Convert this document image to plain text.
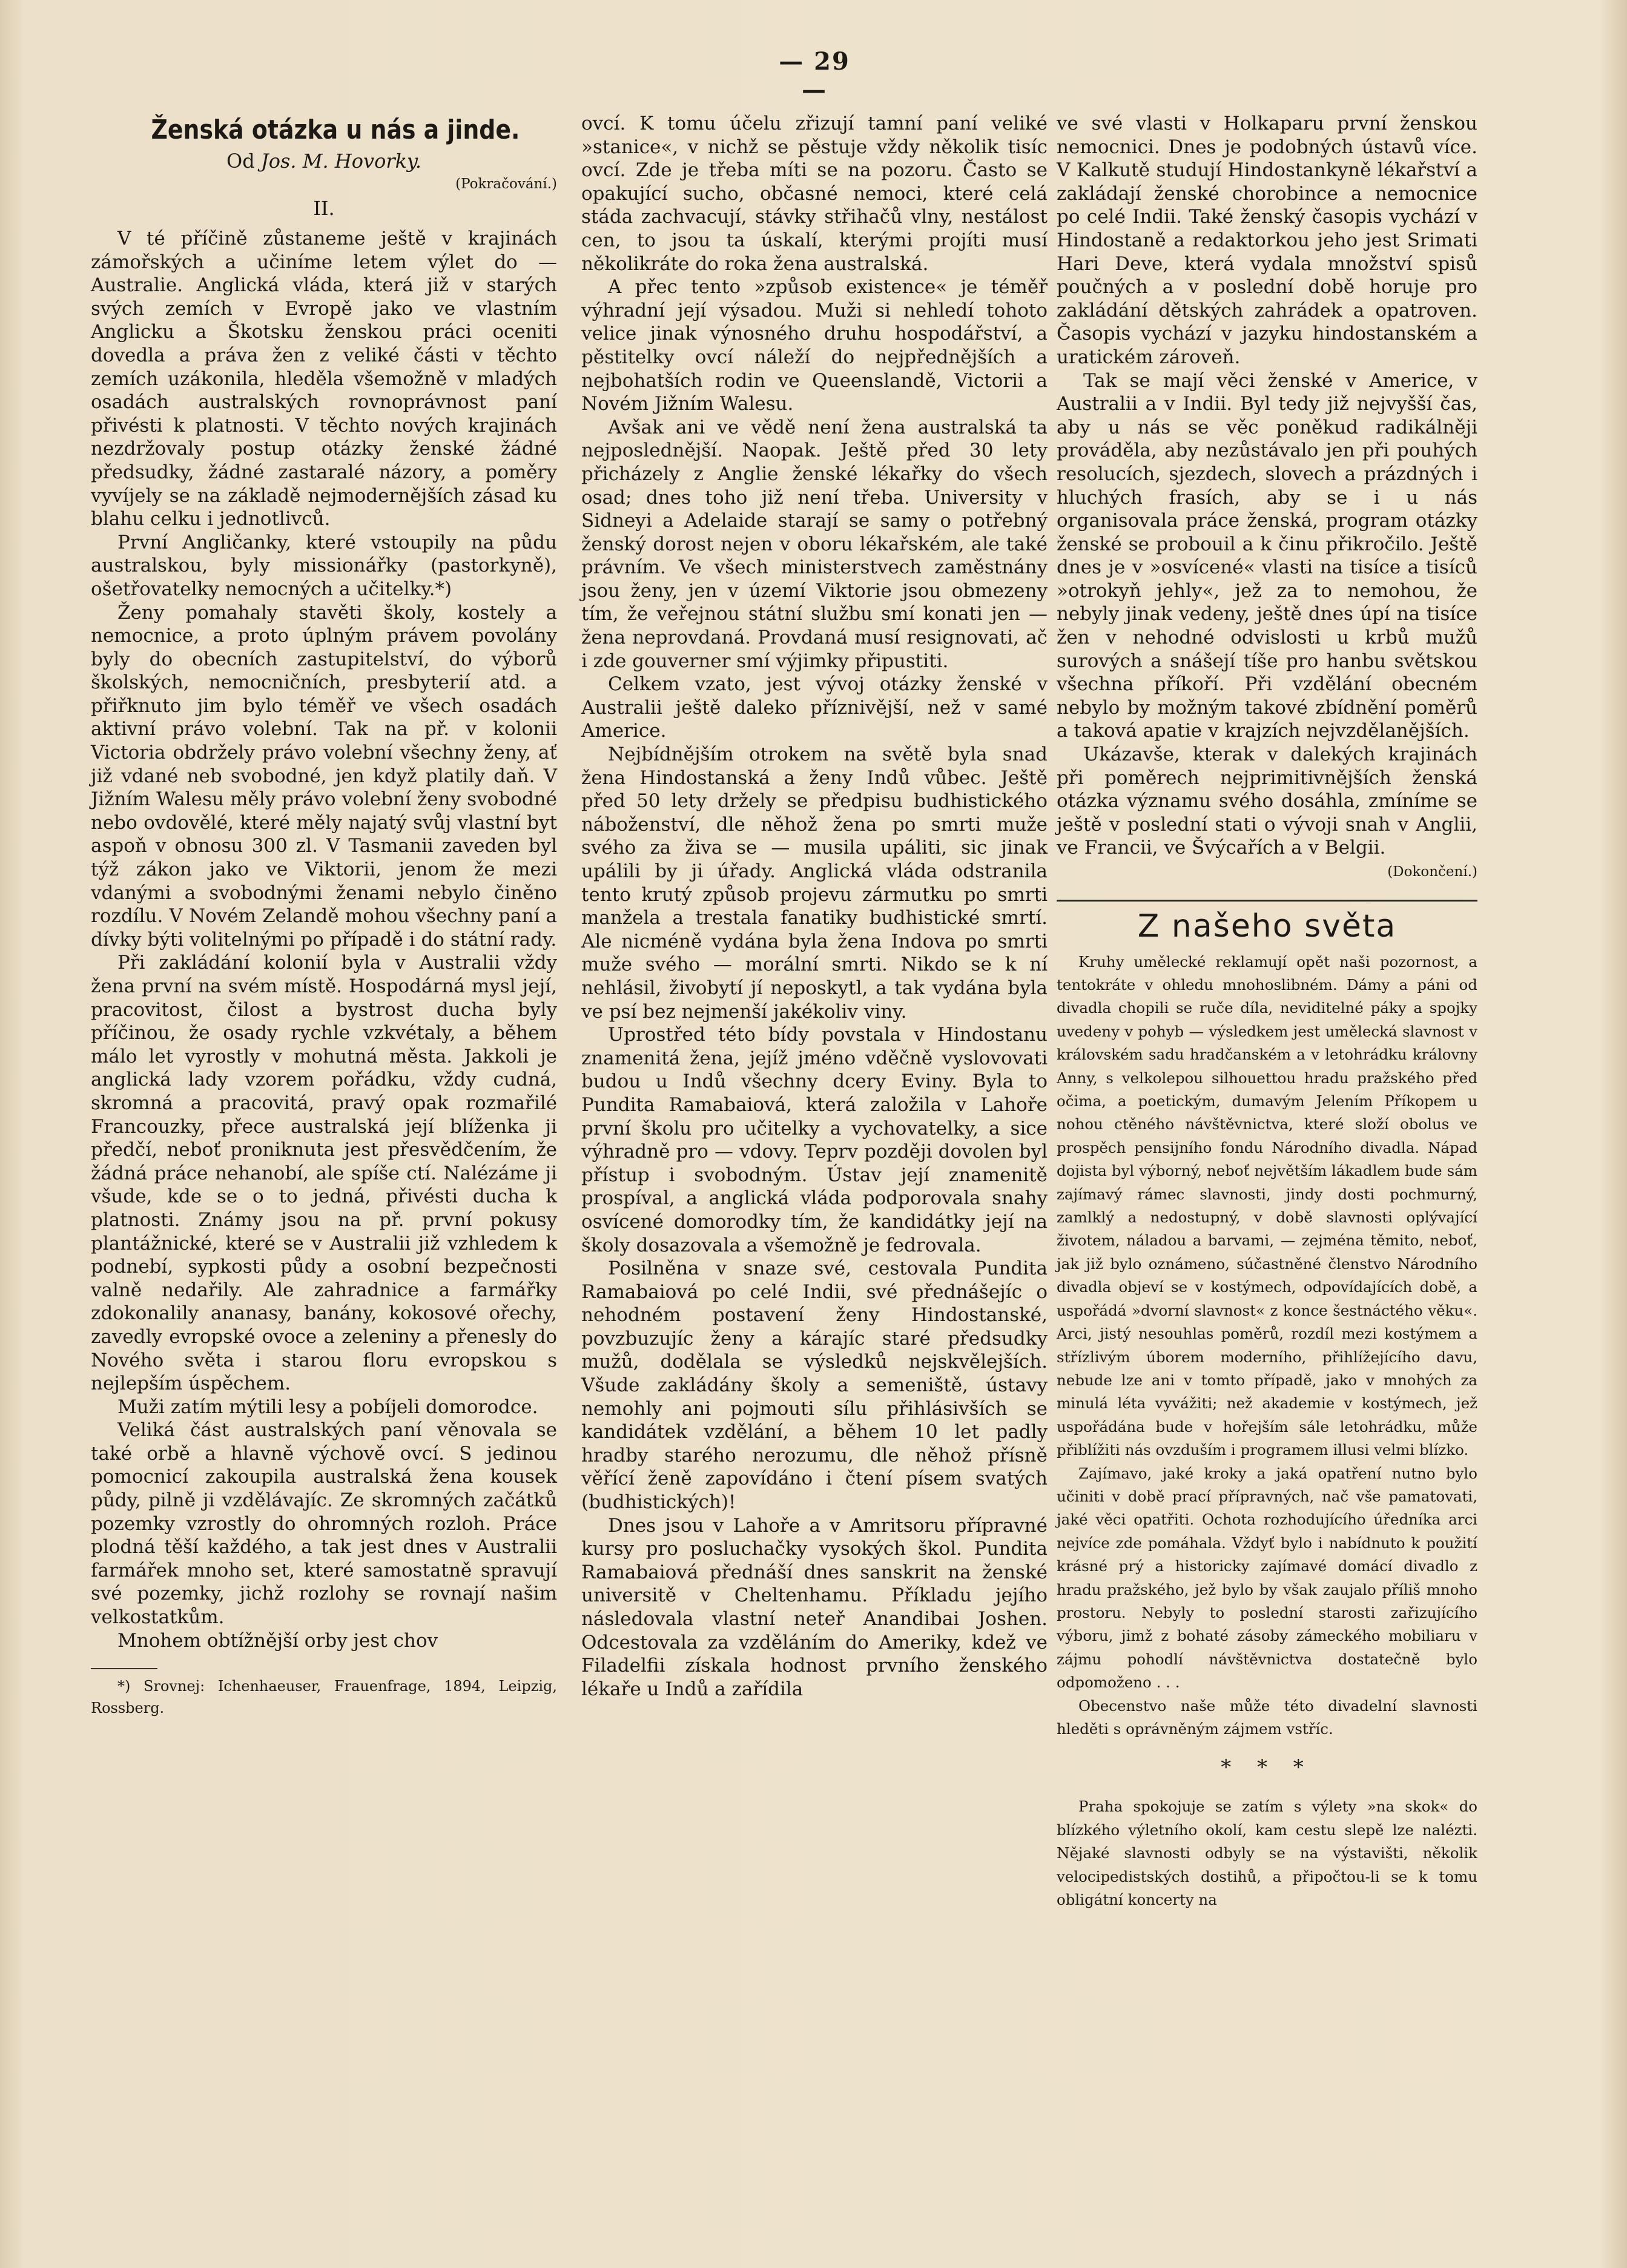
— 29 —

Ženská otázka u nás a jinde.

Od Jos. M. Hovorky.
(Pokračování.)
II.

V té příčině zůstaneme ještě v krajinách zámořských a učiníme letem výlet do — Australie. Anglická vláda, která již v starých svých zemích v Evropě jako ve vlastním Anglicku a Škotsku ženskou práci oceniti dovedla a práva žen z veliké části v těchto zemích uzákonila, hleděla všemožně v mladých osadách australských rovnoprávnost paní přivésti k platnosti. V těchto nových krajinách nezdržovaly postup otázky ženské žádné předsudky, žádné zastaralé názory, a poměry vyvíjely se na základě nejmodernějších zásad ku blahu celku i jednotlivců.

První Angličanky, které vstoupily na půdu australskou, byly missionářky (pastorkyně), ošetřovatelky nemocných a učitelky.*)

Ženy pomahaly stavěti školy, kostely a nemocnice, a proto úplným právem povolány byly do obecních zastupitelství, do výborů školských, nemocničních, presbyterií atd. a přiřknuto jim bylo téměř ve všech osadách aktivní právo volební. Tak na př. v kolonii Victoria obdržely právo volební všechny ženy, ať již vdané neb svobodné, jen když platily daň. V Jižním Walesu měly právo volební ženy svobodné nebo ovdovělé, které měly najatý svůj vlastní byt aspoň v obnosu 300 zl. V Tasmanii zaveden byl týž zákon jako ve Viktorii, jenom že mezi vdanými a svobodnými ženami nebylo činěno rozdílu. V Novém Zelandě mohou všechny paní a dívky býti volitelnými po případě i do státní rady.

Při zakládání kolonií byla v Australii vždy žena první na svém místě. Hospodárná mysl její, pracovitost, čilost a bystrost ducha byly příčinou, že osady rychle vzkvétaly, a během málo let vyrostly v mohutná města. Jakkoli je anglická lady vzorem pořádku, vždy cudná, skromná a pracovitá, pravý opak rozmařilé Francouzky, přece australská její blíženka ji předčí, neboť proniknuta jest přesvědčením, že žádná práce nehanobí, ale spíše ctí. Nalézáme ji všude, kde se o to jedná, přivésti ducha k platnosti. Známy jsou na př. první pokusy plantážnické, které se v Australii již vzhledem k podnebí, sypkosti půdy a osobní bezpečnosti valně nedařily. Ale zahradnice a farmářky zdokonalily ananasy, banány, kokosové ořechy, zavedly evropské ovoce a zeleniny a přenesly do Nového světa i starou floru evropskou s nejlepším úspěchem.

Muži zatím mýtili lesy a pobíjeli domorodce.

Veliká část australských paní věnovala se také orbě a hlavně výchově ovcí. S jedinou pomocnicí zakoupila australská žena kousek půdy, pilně ji vzdělávajíc. Ze skromných začátků pozemky vzrostly do ohromných rozloh. Práce plodná těší každého, a tak jest dnes v Australii farmářek mnoho set, které samostatně spravují své pozemky, jichž rozlohy se rovnají našim velkostatkům.

Mnohem obtížnější orby jest chov

*) Srovnej: Ichenhaeuser, Frauenfrage, 1894, Leipzig, Rossberg.

ovcí. K tomu účelu zřizují tamní paní veliké »stanice«, v nichž se pěstuje vždy několik tisíc ovcí. Zde je třeba míti se na pozoru. Často se opakující sucho, občasné nemoci, které celá stáda zachvacují, stávky střihačů vlny, nestálost cen, to jsou ta úskalí, kterými projíti musí několikráte do roka žena australská.

A přec tento »způsob existence« je téměř výhradní její výsadou. Muži si nehledí tohoto velice jinak výnosného druhu hospodářství, a pěstitelky ovcí náleží do nejpřednějších a nejbohatších rodin ve Queenslandě, Victorii a Novém Jižním Walesu.

Avšak ani ve vědě není žena australská ta nejposlednější. Naopak. Ještě před 30 lety přicházely z Anglie ženské lékařky do všech osad; dnes toho již není třeba. University v Sidneyi a Adelaide starají se samy o potřebný ženský dorost nejen v oboru lékařském, ale také právním. Ve všech ministerstvech zaměstnány jsou ženy, jen v území Viktorie jsou obmezeny tím, že veřejnou státní službu smí konati jen — žena neprovdaná. Provdaná musí resignovati, ač i zde gouverner smí výjimky připustiti.

Celkem vzato, jest vývoj otázky ženské v Australii ještě daleko příznivější, než v samé Americe.

Nejbídnějším otrokem na světě byla snad žena Hindostanská a ženy Indů vůbec. Ještě před 50 lety držely se předpisu budhistického náboženství, dle něhož žena po smrti muže svého za živa se — musila upáliti, sic jinak upálili by ji úřady. Anglická vláda odstranila tento krutý způsob projevu zármutku po smrti manžela a trestala fanatiky budhistické smrtí. Ale nicméně vydána byla žena Indova po smrti muže svého — morální smrti. Nikdo se k ní nehlásil, živobytí jí neposkytl, a tak vydána byla ve psí bez nejmenší jakékoliv viny.

Uprostřed této bídy povstala v Hindostanu znamenitá žena, jejíž jméno vděčně vyslovovati budou u Indů všechny dcery Eviny. Byla to Pundita Ramabaiová, která založila v Lahoře první školu pro učitelky a vychovatelky, a sice výhradně pro — vdovy. Teprv později dovolen byl přístup i svobodným. Ústav její znamenitě prospíval, a anglická vláda podporovala snahy osvícené domorodky tím, že kandidátky její na školy dosazovala a všemožně je fedrovala.

Posilněna v snaze své, cestovala Pundita Ramabaiová po celé Indii, své přednášejíc o nehodném postavení ženy Hindostanské, povzbuzujíc ženy a kárajíc staré předsudky mužů, dodělala se výsledků nejskvělejších. Všude zakládány školy a semeniště, ústavy nemohly ani pojmouti sílu přihlásivších se kandidátek vzdělání, a během 10 let padly hradby starého nerozumu, dle něhož přísně věřící ženě zapovídáno i čtení písem svatých (budhistických)!

Dnes jsou v Lahoře a v Amritsoru přípravné kursy pro posluchačky vysokých škol. Pundita Ramabaiová přednáší dnes sanskrit na ženské universitě v Cheltenhamu. Příkladu jejího následovala vlastní neteř Anandibai Joshen. Odcestovala za vzděláním do Ameriky, kdež ve Filadelfii získala hodnost prvního ženského lékaře u Indů a zařídila

ve své vlasti v Holkaparu první ženskou nemocnici. Dnes je podobných ústavů více. V Kalkutě studují Hindostankyně lékařství a zakládají ženské chorobince a nemocnice po celé Indii. Také ženský časopis vychází v Hindostaně a redaktorkou jeho jest Srimati Hari Deve, která vydala množství spisů poučných a v poslední době horuje pro zakládání dětských zahrádek a opatroven. Časopis vychází v jazyku hindostanském a uratickém zároveň.

Tak se mají věci ženské v Americe, v Australii a v Indii. Byl tedy již nejvyšší čas, aby u nás se věc poněkud radikálněji prováděla, aby nezůstávalo jen při pouhých resolucích, sjezdech, slovech a prázdných i hluchých frasích, aby se i u nás organisovala práce ženská, program otázky ženské se probouil a k činu přikročilo. Ještě dnes je v »osvícené« vlasti na tisíce a tisíců »otrokyň jehly«, jež za to nemohou, že nebyly jinak vedeny, ještě dnes úpí na tisíce žen v nehodné odvislosti u krbů mužů surových a snášejí tíše pro hanbu světskou všechna příkoří. Při vzdělání obecném nebylo by možným takové zbídnění poměrů a taková apatie v krajzích nejvzdělanějších.

Ukázavše, kterak v dalekých krajinách při poměrech nejprimitivnějších ženská otázka významu svého dosáhla, zmíníme se ještě v poslední stati o vývoji snah v Anglii, ve Francii, ve Švýcařích a v Belgii.

(Dokončení.)
Z našeho světa

Kruhy umělecké reklamují opět naši pozornost, a tentokráte v ohledu mnohoslibném. Dámy a páni od divadla chopili se ruče díla, neviditelné páky a spojky uvedeny v pohyb — výsledkem jest umělecká slavnost v královském sadu hradčanském a v letohrádku královny Anny, s velkolepou silhouettou hradu pražského před očima, a poetickým, dumavým Jelením Příkopem u nohou ctěného návštěvnictva, které složí obolus ve prospěch pensijního fondu Národního divadla. Nápad dojista byl výborný, neboť největším lákadlem bude sám zajímavý rámec slavnosti, jindy dosti pochmurný, zamlklý a nedostupný, v době slavnosti oplývající životem, náladou a barvami, — zejména těmito, neboť, jak již bylo oznámeno, súčastněné členstvo Národního divadla objeví se v kostýmech, odpovídajících době, a uspořádá »dvorní slavnost« z konce šestnáctého věku«. Arci, jistý nesouhlas poměrů, rozdíl mezi kostýmem a střízlivým úborem moderního, přihlížejícího davu, nebude lze ani v tomto případě, jako v mnohých za minulá léta vyvážiti; než akademie v kostýmech, jež uspořádána bude v hořejším sále letohrádku, může přiblížiti nás ovzduším i programem illusi velmi blízko.

Zajímavo, jaké kroky a jaká opatření nutno bylo učiniti v době prací přípravných, nač vše pamatovati, jaké věci opatřiti. Ochota rozhodujícího úředníka arci nejvíce zde pomáhala. Vždyť bylo i nabídnuto k použití krásné prý a historicky zajímavé domácí divadlo z hradu pražského, jež bylo by však zaujalo příliš mnoho prostoru. Nebyly to poslední starosti zařizujícího výboru, jimž z bohaté zásoby zámeckého mobiliaru v zájmu pohodlí návštěvnictva dostatečně bylo odpomoženo . . .

Obecenstvo naše může této divadelní slavnosti hleděti s oprávněným zájmem vstříc.

* * *

Praha spokojuje se zatím s výlety »na skok« do blízkého výletního okolí, kam cestu slepě lze nalézti. Nějaké slavnosti odbyly se na výstavišti, několik velocipedistských dostihů, a připočtou-li se k tomu obligátní koncerty na
